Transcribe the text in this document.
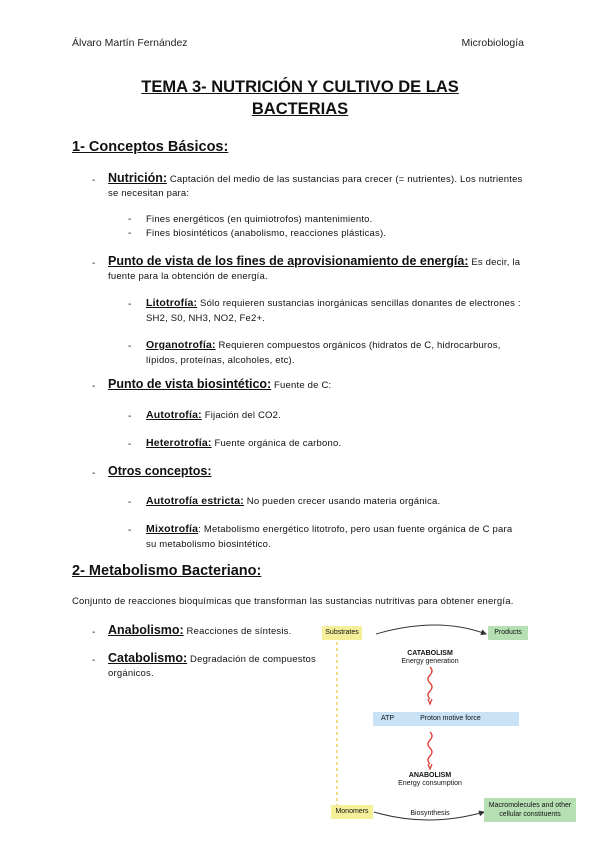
Álvaro Martín Fernández	Microbiología
TEMA 3- NUTRICIÓN Y CULTIVO DE LAS
BACTERIAS
1- Conceptos Básicos:
- Nutrición: Captación del medio de las sustancias para crecer (= nutrientes). Los nutrientes
se necesitan para:
- Fines energéticos (en quimiotrofos) mantenimiento.
- Fines biosintéticos (anabolismo, reacciones plásticas).
- Punto de vista de los fines de aprovisionamiento de energía: Es decir, la
fuente para la obtención de energía.
- Litotrofía: Sólo requieren sustancias inorgánicas sencillas donantes de electrones :
SH2, S0, NH3, NO2, Fe2+.
- Organotrofía: Requieren compuestos orgánicos (hidratos de C, hidrocarburos,
lípidos, proteínas, alcoholes, etc).
- Punto de vista biosintético: Fuente de C:
- Autotrofía: Fijación del CO2.
- Heterotrofía: Fuente orgánica de carbono.
- Otros conceptos:
- Autotrofía estricta: No pueden crecer usando materia orgánica.
- Mixotrofía: Metabolismo energético litotrofo, pero usan fuente orgánica de C para
su metabolismo biosintético.
2- Metabolismo Bacteriano:
Conjunto de reacciones bioquímicas que transforman las sustancias nutritivas para obtener energía.
- Anabolismo: Reacciones de síntesis.
- Catabolismo: Degradación de compuestos
orgánicos.
Substrates	Products
CATABOLISM
Energy generation
ATP	Proton motive force
ANABOLISM
Energy consumption
Monomers	Biosynthesis
Macromolecules and other
cellular constituents
